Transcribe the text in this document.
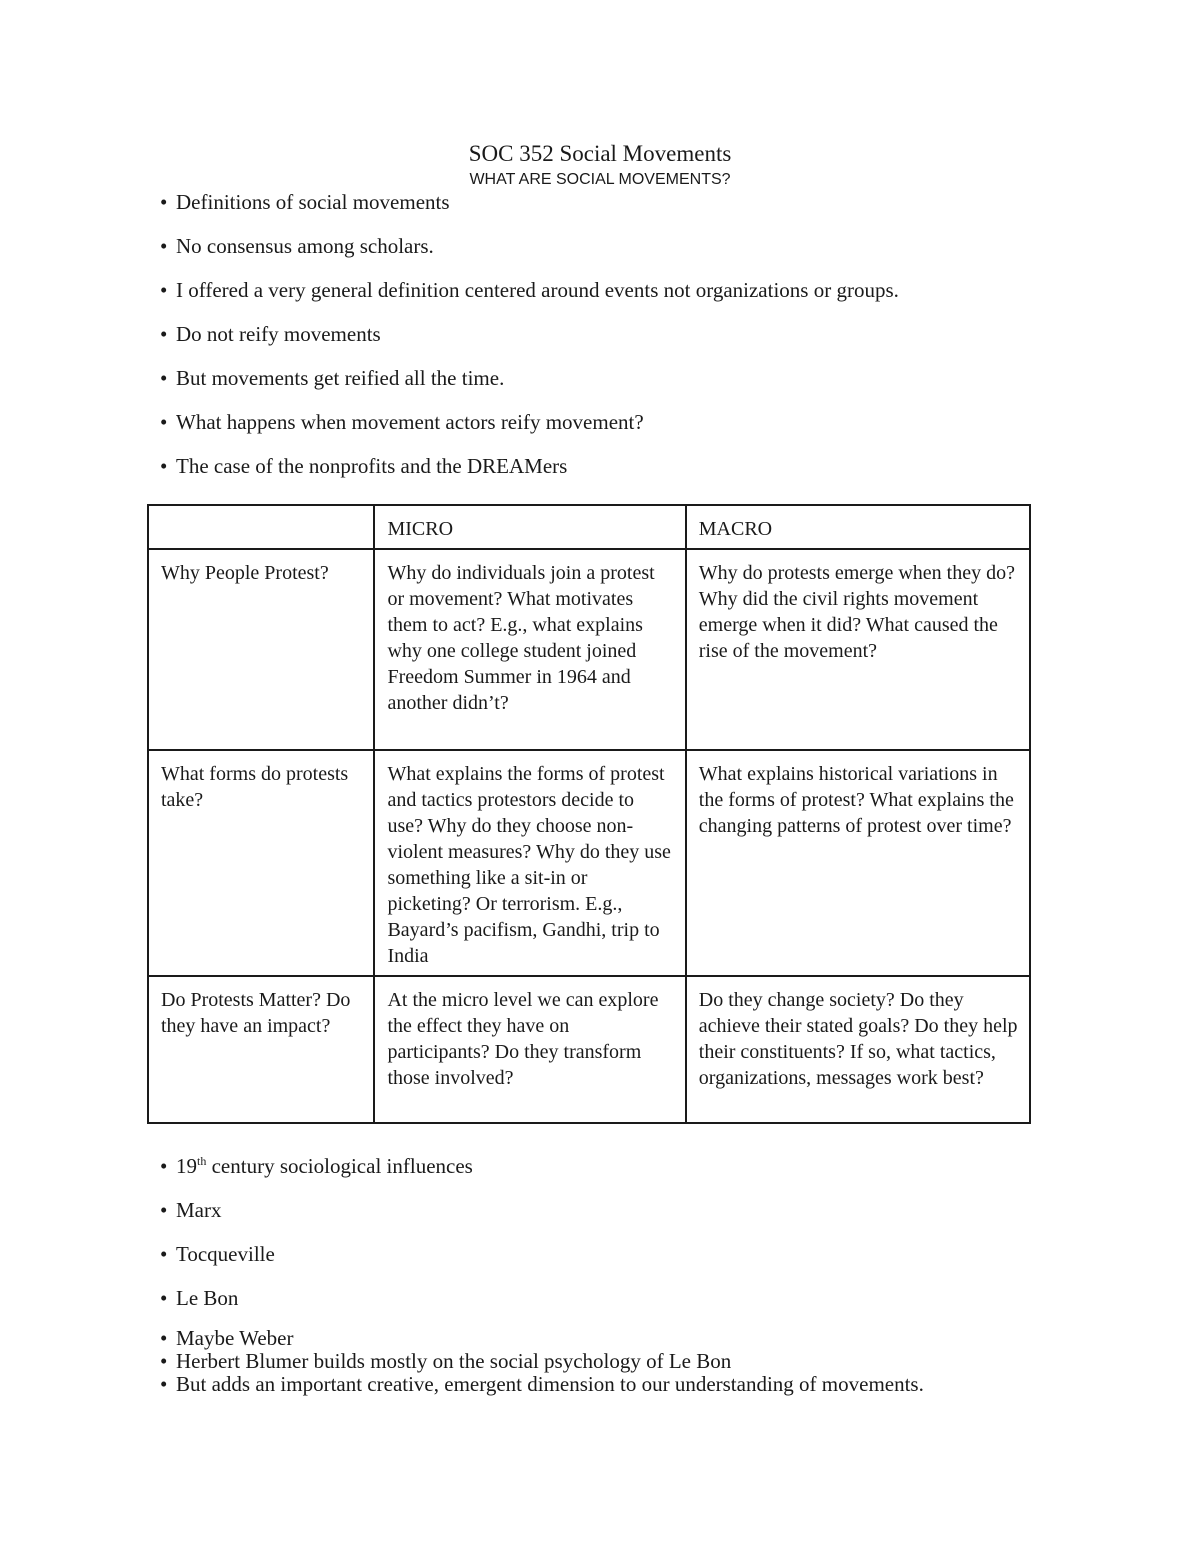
SOC 352 Social Movements
WHAT ARE SOCIAL MOVEMENTS?
• Definitions of social movements
• No consensus among scholars.
• I offered a very general definition centered around events not organizations or groups.
• Do not reify movements
• But movements get reified all the time.
• What happens when movement actors reify movement?
• The case of the nonprofits and the DREAMers
	MICRO	MACRO
Why People Protest?	Why do individuals join a protest or movement? What motivates them to act? E.g., what explains why one college student joined Freedom Summer in 1964 and another didn’t?	Why do protests emerge when they do? Why did the civil rights movement emerge when it did? What caused the rise of the movement?
What forms do protests take?	What explains the forms of protest and tactics protestors decide to use? Why do they choose non-violent measures? Why do they use something like a sit-in or picketing? Or terrorism. E.g., Bayard’s pacifism, Gandhi, trip to India	What explains historical variations in the forms of protest? What explains the changing patterns of protest over time?
Do Protests Matter? Do they have an impact?	At the micro level we can explore the effect they have on participants? Do they transform those involved?	Do they change society? Do they achieve their stated goals? Do they help their constituents? If so, what tactics, organizations, messages work best?
• 19th century sociological influences
• Marx
• Tocqueville
• Le Bon
• Maybe Weber
• Herbert Blumer builds mostly on the social psychology of Le Bon
• But adds an important creative, emergent dimension to our understanding of movements.
